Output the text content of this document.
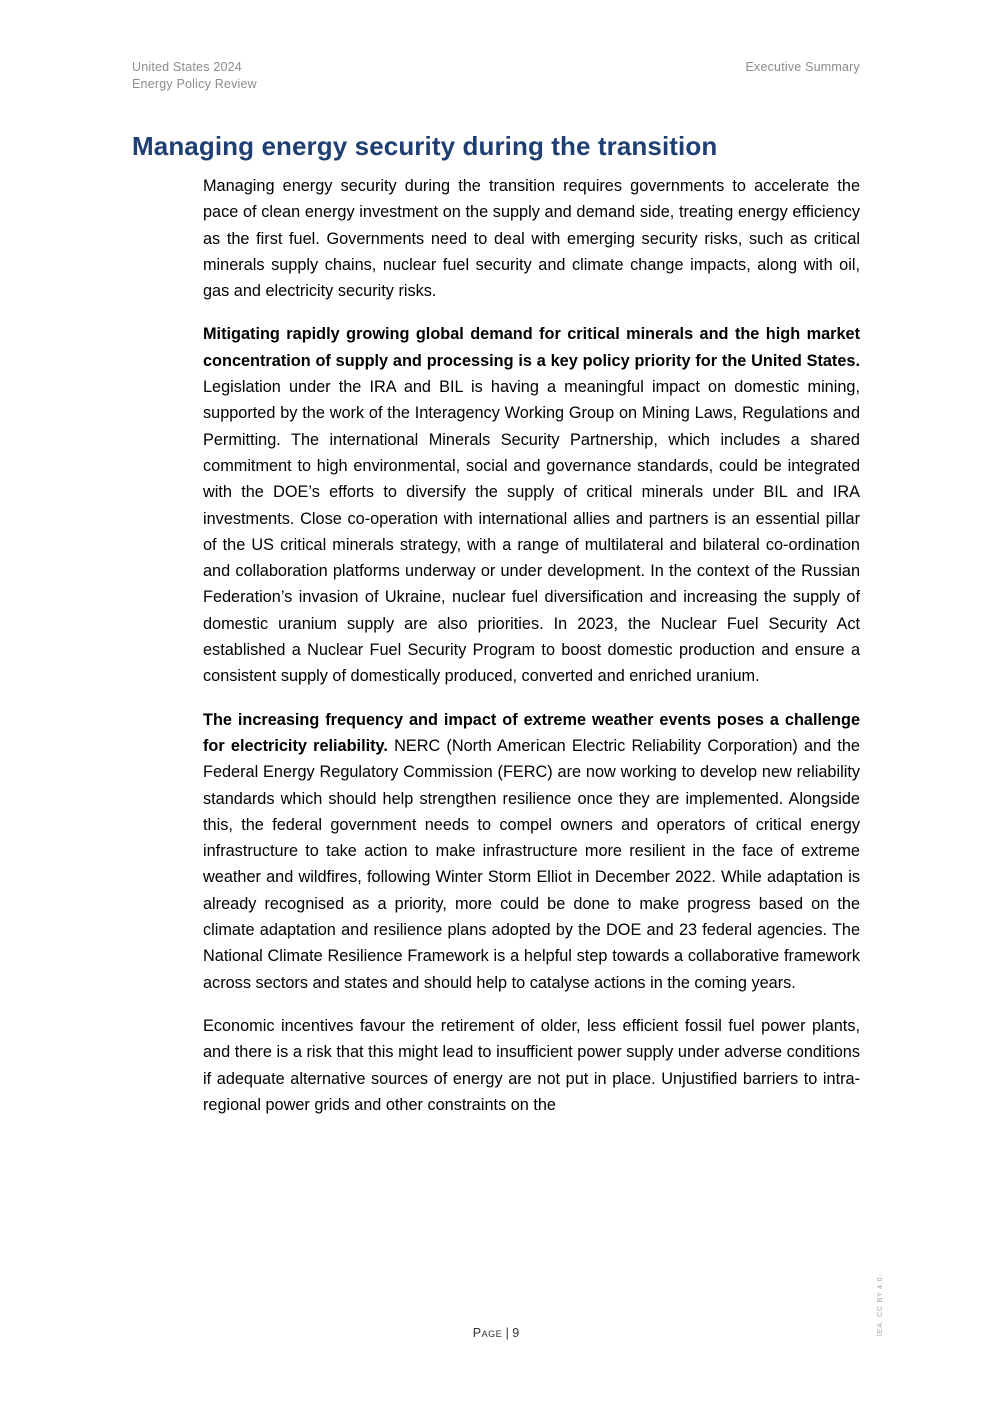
United States 2024
Energy Policy Review
Executive Summary
Managing energy security during the transition

Managing energy security during the transition requires governments to accelerate the pace of clean energy investment on the supply and demand side, treating energy efficiency as the first fuel. Governments need to deal with emerging security risks, such as critical minerals supply chains, nuclear fuel security and climate change impacts, along with oil, gas and electricity security risks.

Mitigating rapidly growing global demand for critical minerals and the high market concentration of supply and processing is a key policy priority for the United States. Legislation under the IRA and BIL is having a meaningful impact on domestic mining, supported by the work of the Interagency Working Group on Mining Laws, Regulations and Permitting. The international Minerals Security Partnership, which includes a shared commitment to high environmental, social and governance standards, could be integrated with the DOE’s efforts to diversify the supply of critical minerals under BIL and IRA investments. Close co-operation with international allies and partners is an essential pillar of the US critical minerals strategy, with a range of multilateral and bilateral co-ordination and collaboration platforms underway or under development. In the context of the Russian Federation’s invasion of Ukraine, nuclear fuel diversification and increasing the supply of domestic uranium supply are also priorities. In 2023, the Nuclear Fuel Security Act established a Nuclear Fuel Security Program to boost domestic production and ensure a consistent supply of domestically produced, converted and enriched uranium.

The increasing frequency and impact of extreme weather events poses a challenge for electricity reliability. NERC (North American Electric Reliability Corporation) and the Federal Energy Regulatory Commission (FERC) are now working to develop new reliability standards which should help strengthen resilience once they are implemented. Alongside this, the federal government needs to compel owners and operators of critical energy infrastructure to take action to make infrastructure more resilient in the face of extreme weather and wildfires, following Winter Storm Elliot in December 2022. While adaptation is already recognised as a priority, more could be done to make progress based on the climate adaptation and resilience plans adopted by the DOE and 23 federal agencies. The National Climate Resilience Framework is a helpful step towards a collaborative framework across sectors and states and should help to catalyse actions in the coming years.

Economic incentives favour the retirement of older, less efficient fossil fuel power plants, and there is a risk that this might lead to insufficient power supply under adverse conditions if adequate alternative sources of energy are not put in place. Unjustified barriers to intra-regional power grids and other constraints on the

Page | 9	IEA. CC BY 4.0.
